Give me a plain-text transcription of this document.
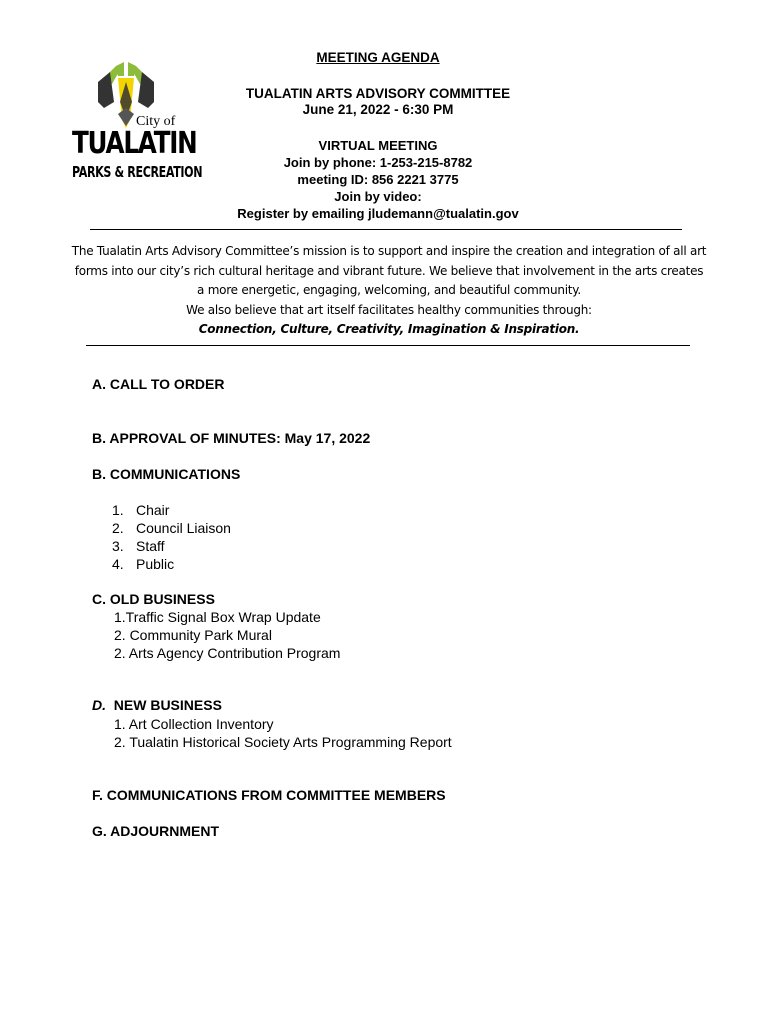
City of
TUALATIN
PARKS & RECREATION
MEETING AGENDA
TUALATIN ARTS ADVISORY COMMITTEE
June 21, 2022 - 6:30 PM
VIRTUAL MEETING
Join by phone: 1-253-215-8782
meeting ID: 856 2221 3775
Join by video:
Register by emailing jludemann@tualatin.gov
The Tualatin Arts Advisory Committee’s mission is to support and inspire the creation and integration of all art
forms into our city’s rich cultural heritage and vibrant future. We believe that involvement in the arts creates
a more energetic, engaging, welcoming, and beautiful community.
We also believe that art itself facilitates healthy communities through:
Connection, Culture, Creativity, Imagination & Inspiration.
A. CALL TO ORDER
B. APPROVAL OF MINUTES: May 17, 2022
B. COMMUNICATIONS
1. Chair
2. Council Liaison
3. Staff
4. Public
C. OLD BUSINESS
1.Traffic Signal Box Wrap Update
2. Community Park Mural
2. Arts Agency Contribution Program
D. NEW BUSINESS
1. Art Collection Inventory
2. Tualatin Historical Society Arts Programming Report
F. COMMUNICATIONS FROM COMMITTEE MEMBERS
G. ADJOURNMENT
